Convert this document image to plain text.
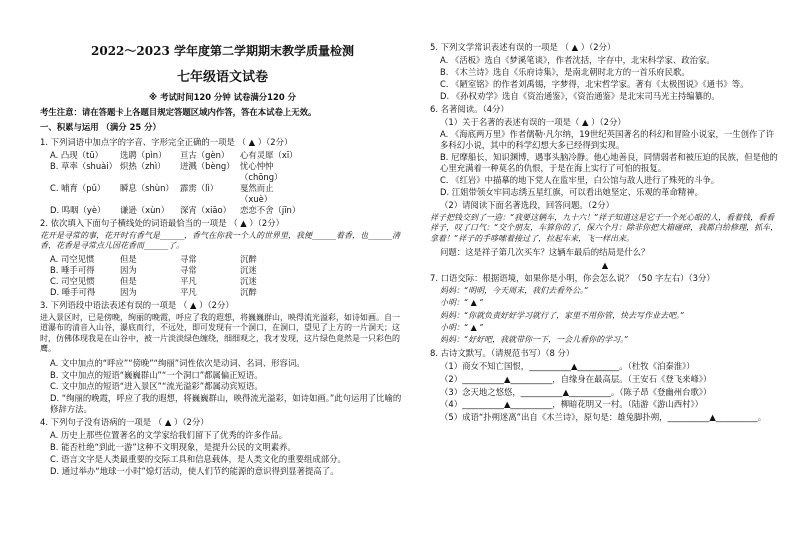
2022～2023 学年度第二学期期末教学质量检测
七年级语文试卷
※ 考试时间120 分钟 试卷满分120 分
考生注意：请在答题卡上各题目规定答题区域内作答，答在本试卷上无效。
一、积累与运用 （满分 25 分）
1. 下列词语中加点字的字音、字形完全正确的一项是 （ ▲ ）（2分）
A. 凸现（tū）	选聘（pìn）	亘古（gèn）	心有灵犀（xī）
B. 草率（shuài） 炽热（zhì）	迸溅（bèng） 忧心忡忡（chōng）
C. 哺育（pǔ）	瞬息（shùn） 霹雳（lì）	戛然而止（xuè）
D. 鸣咽（yè）	谦逊（xùn）	深宵（xiāo）	恋恋不舍（jīn）
2. 依次填入下面句子横线处的词语最恰当的一项是 （ ▲ ）（2分）
花开是寻常的事，花开时有香气是______，香气在你我一个人的世界里，我便______着香，也______清香，花香是寻常点儿因花香而______了。
A. 司空见惯	但是	寻常	沉醉
B. 唾手可得	因为	寻常	沉迷
C. 司空见惯	但是	平凡	沉迷
D. 唾手可得	因为	平凡	沉醉
3. 下列语段中语法表述有误的一项是 （ ▲ ）（2分）
进入景区时，已是傍晚，绚丽的晚霞，呼应了我的遐想，将巍巍群山，映得流光溢彩，如诗如画。自一道瀑布的清音入山谷，瀑底而行，不远处，即可发现有一个洞口，在洞口，望见了上方的一片洞天；这时，仿佛体现我是在山谷中，被一片淡淡绿色缠绕，细细观之，我才发现，这片绿色竟然是一只彩色的鹰。
A. 文中加点的“呼应”“傍晚”“绚丽”词性依次是动词、名词、形容词。
B. 文中加点的短语“巍巍群山”“一个洞口”都属偏正短语。
C. 文中加点的短语“进入景区”“流光溢彩”都属动宾短语。
D. “绚丽的晚霞，呼应了我的遐想，将巍巍群山，映得流光溢彩，如诗如画。”此句运用了比喻的修辞方法。
4. 下列句子没有语病的一项是 （ ▲ ）（2分）
A. 历史上那些位置著名的文学家给我们留下了优秀的许多作品。
B. 能否杜绝“到此一游”这种不文明现象，是提升公民的文明素养。
C. 语言文字是人类最重要的交际工具和信息载体，是人类文化的重要组成部分。
D. 通过举办“地球一小时”熄灯活动，使人们节约能源的意识得到显著提高了。
5. 下列文学常识表述有误的一项是 （ ▲ ）（2分）
A. 《活板》选自《梦溪笔谈》，作者沈括，字存中，北宋科学家、政治家。
B. 《木兰诗》选自《乐府诗集》，是南北朝时北方的一首乐府民歌。
C. 《陋室铭》的作者刘禹锡，字梦得，北宋哲学家。著有《太极图说》《通书》等。
D. 《孙权劝学》选自《资治通鉴》，《资治通鉴》是北宋司马光主持编纂的。
6. 名著阅读。（4分）
（1）关于名著的表述有误的一项是（ ▲ ）（2分）
A. 《海底两万里》作者儒勒·凡尔纳，19世纪英国著名的科幻和冒险小说家，一生创作了许多科幻小说，其中的科学幻想大多已经得到实现。
B. 尼摩船长，知识渊博，遇事头脑冷静。他心地善良，同情弱者和被压迫的民族，但是他的心里充满着一种莫名的仇恨，于是在海上实行了可怕的报复。
C. 《红岩》中描摹的地下党人在监牢里，白公馆与敌人进行了殊死的斗争。
D. 江姐带领女牢同志绣五星红旗，可以看出她坚定、乐观的革命精神。
（2）请阅读下面名著选段，回答问题。（2分）
祥子把钱交到了一造：“我要这辆车，九十六！”祥子知道这是它于一个死心眼的人，看着钱，看看祥子，叹了口气：“交个朋友，车算你的了，保六个月：除非你把大箱碰碎，我都白给修理，抓车，拿着！”祥子的手哆嗦着接过了，拉起车来，飞一样出来。
问题：这是祥子第几次买车？这辆车最后的结局是什么？
▲
7. 口语交际：根据语境，如果你是小明，你会怎么说？（50 字左右）（3分）
妈妈：“明明，今天周末，我们去看外公。”
小明：“ ▲ ”
妈妈：“你就负责好好学习就行了，家里不用你管，快去写作业去吧。”
小明：“ ▲ ”
妈妈：“好好吧，我就带你一下，一会儿看你的学习。”
8. 古诗文默写。（请规范书写）（8 分）
（1）商女不知亡国恨，__________▲__________。（杜牧《泊秦淮》）
（2）__________▲__________，自缘身在最高层。（王安石《登飞来峰》）
（3）念天地之悠悠，__________▲__________。（陈子昂《登幽州台歌》）
（4）__________▲__________，柳暗花明又一村。（陆游《游山西村》）
（5）成语“扑朔迷离”出自《木兰诗》，原句是：雄兔脚扑朔，__________▲__________。
